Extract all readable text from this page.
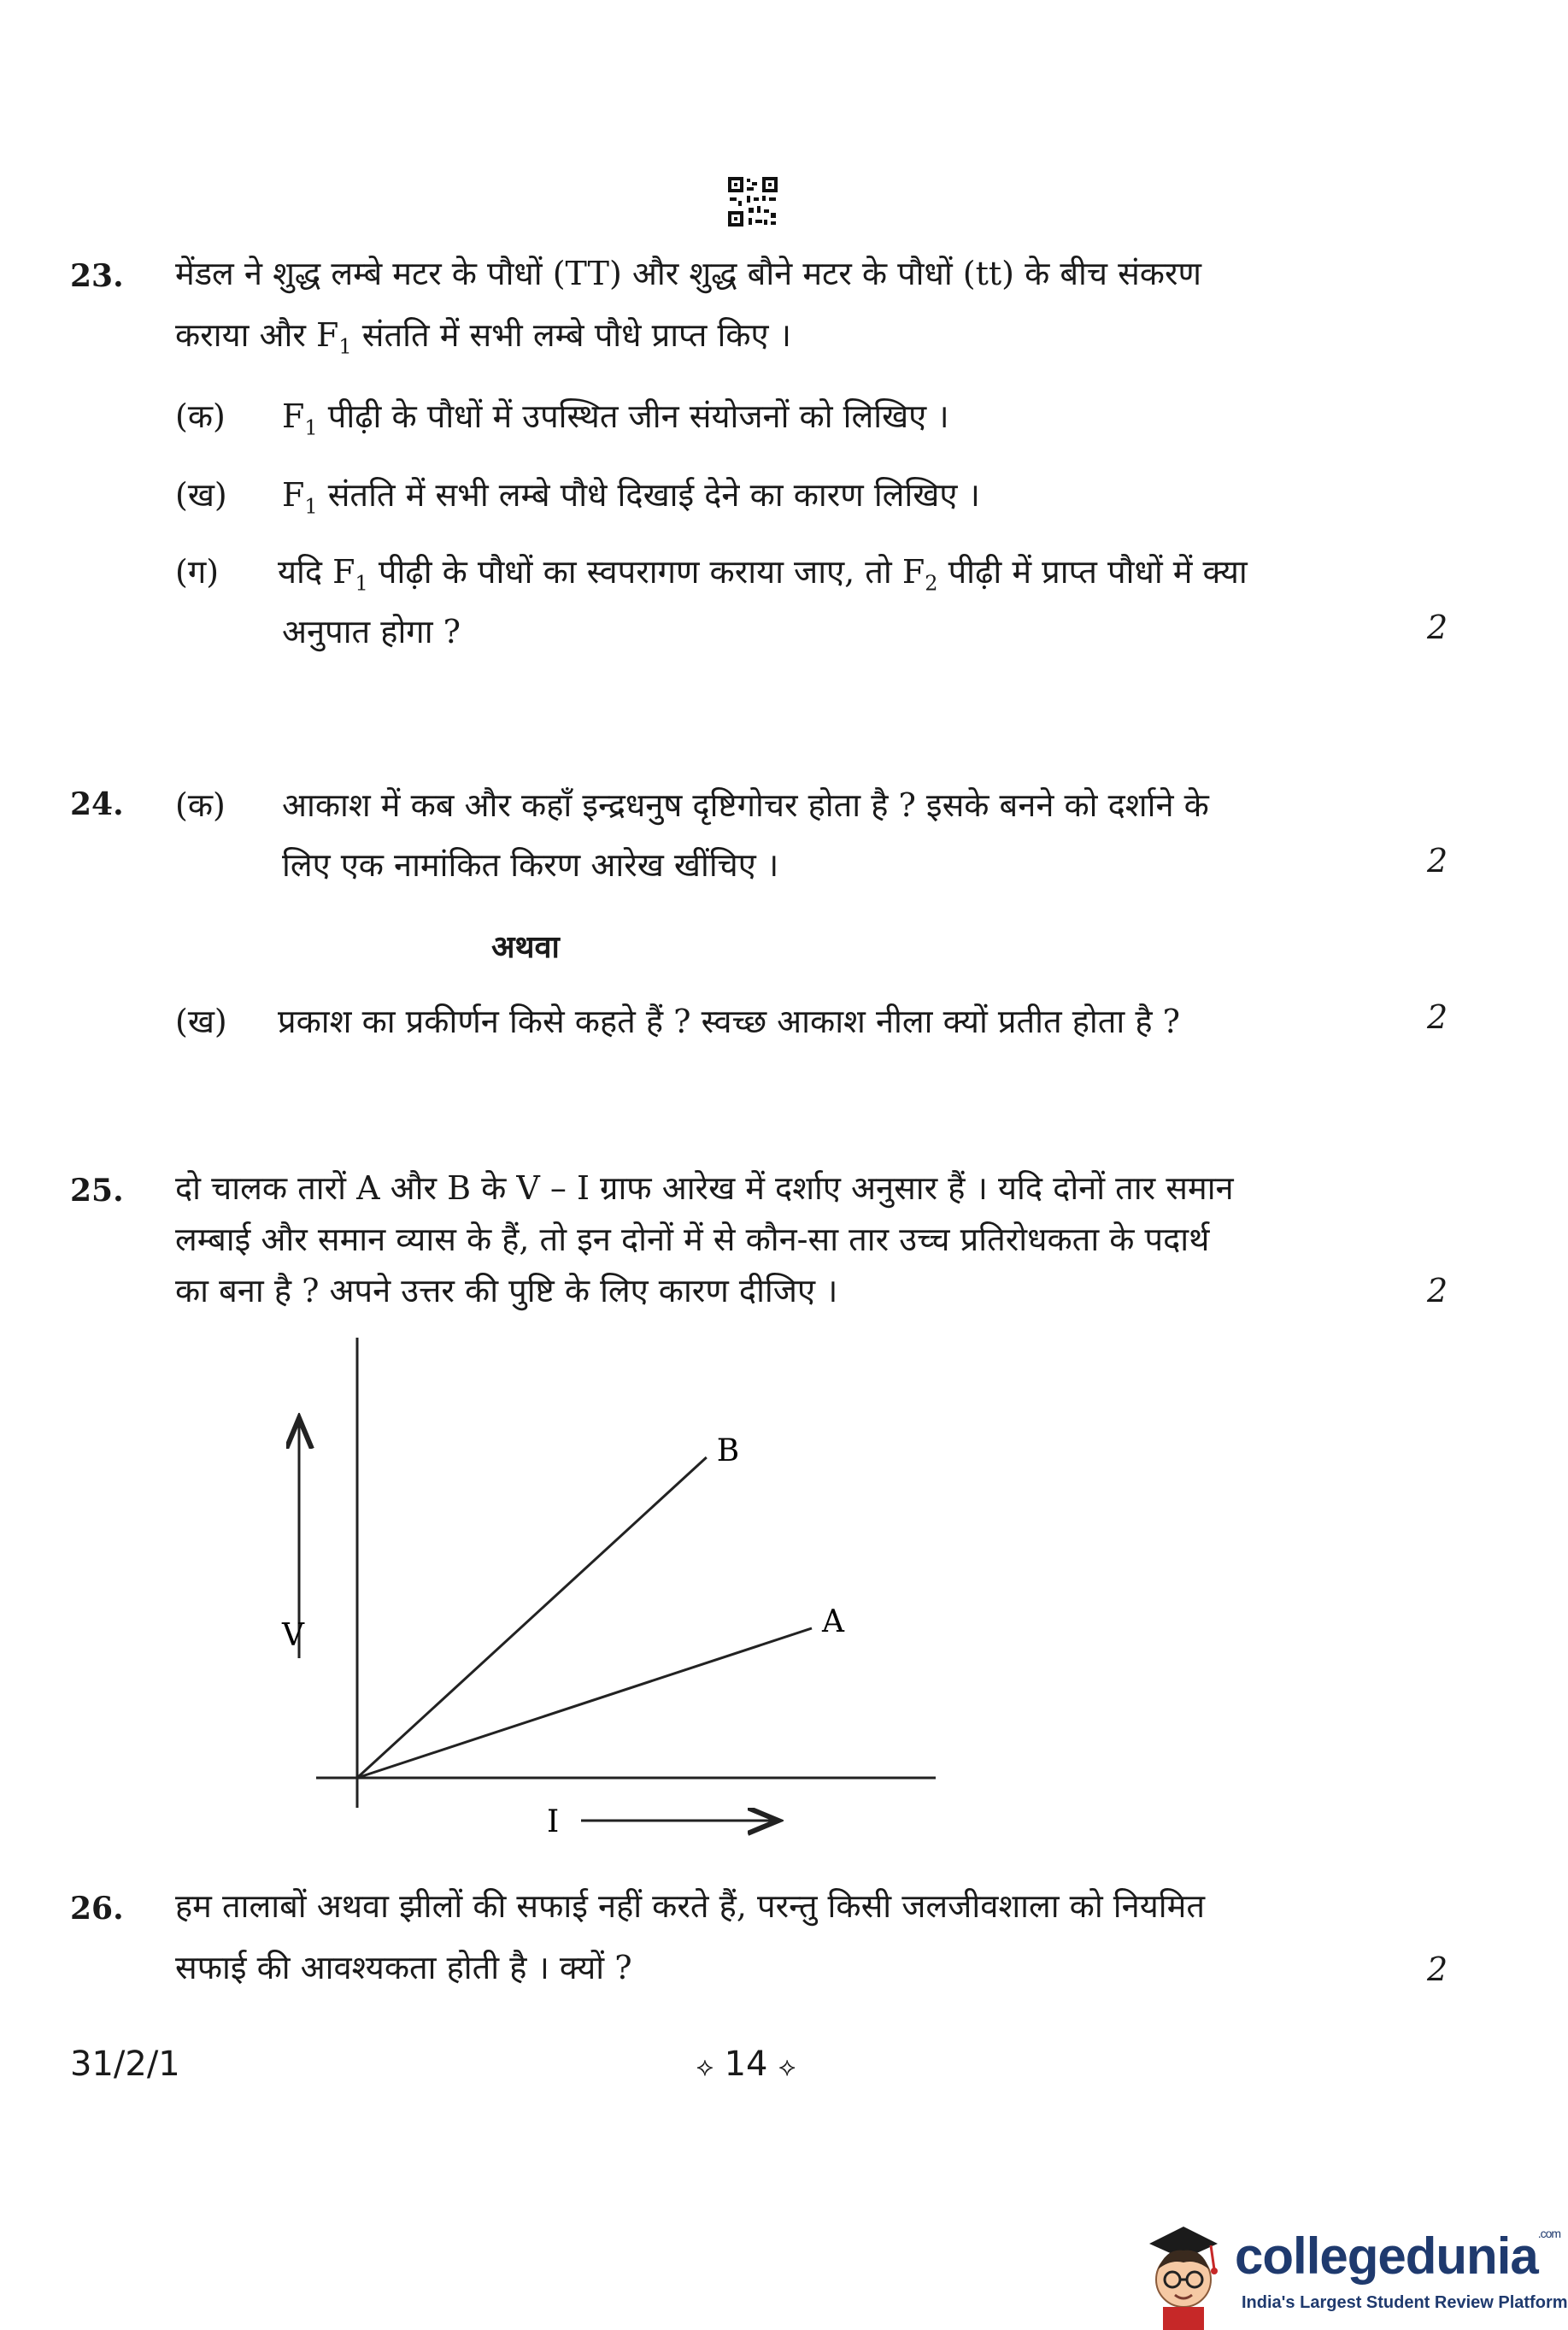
23. मेंडल ने शुद्ध लम्बे मटर के पौधों (TT) और शुद्ध बौने मटर के पौधों (tt) के बीच संकरण
कराया और $F_1$ संतति में सभी लम्बे पौधे प्राप्त किए ।
(क) $F_1$ पीढ़ी के पौधों में उपस्थित जीन संयोजनों को लिखिए ।
(ख) $F_1$ संतति में सभी लम्बे पौधे दिखाई देने का कारण लिखिए ।
(ग) यदि $F_1$ पीढ़ी के पौधों का स्वपरागण कराया जाए, तो $F_2$ पीढ़ी में प्राप्त पौधों में क्या
अनुपात होगा ?	2
24. (क) आकाश में कब और कहाँ इन्द्रधनुष दृष्टिगोचर होता है ? इसके बनने को दर्शाने के
लिए एक नामांकित किरण आरेख खींचिए ।	2
अथवा
(ख) प्रकाश का प्रकीर्णन किसे कहते हैं ? स्वच्छ आकाश नीला क्यों प्रतीत होता है ?	2
25. दो चालक तारों A और B के V – I ग्राफ आरेख में दर्शाए अनुसार हैं । यदि दोनों तार समान
लम्बाई और समान व्यास के हैं, तो इन दोनों में से कौन-सा तार उच्च प्रतिरोधकता के पदार्थ
का बना है ? अपने उत्तर की पुष्टि के लिए कारण दीजिए ।	2
V
I
B
A
26. हम तालाबों अथवा झीलों की सफाई नहीं करते हैं, परन्तु किसी जलजीवशाला को नियमित
सफाई की आवश्यकता होती है । क्यों ?	2
31/2/1	⟡ 14 ⟡
collegedunia$^{.com}$
India's Largest Student Review Platform
